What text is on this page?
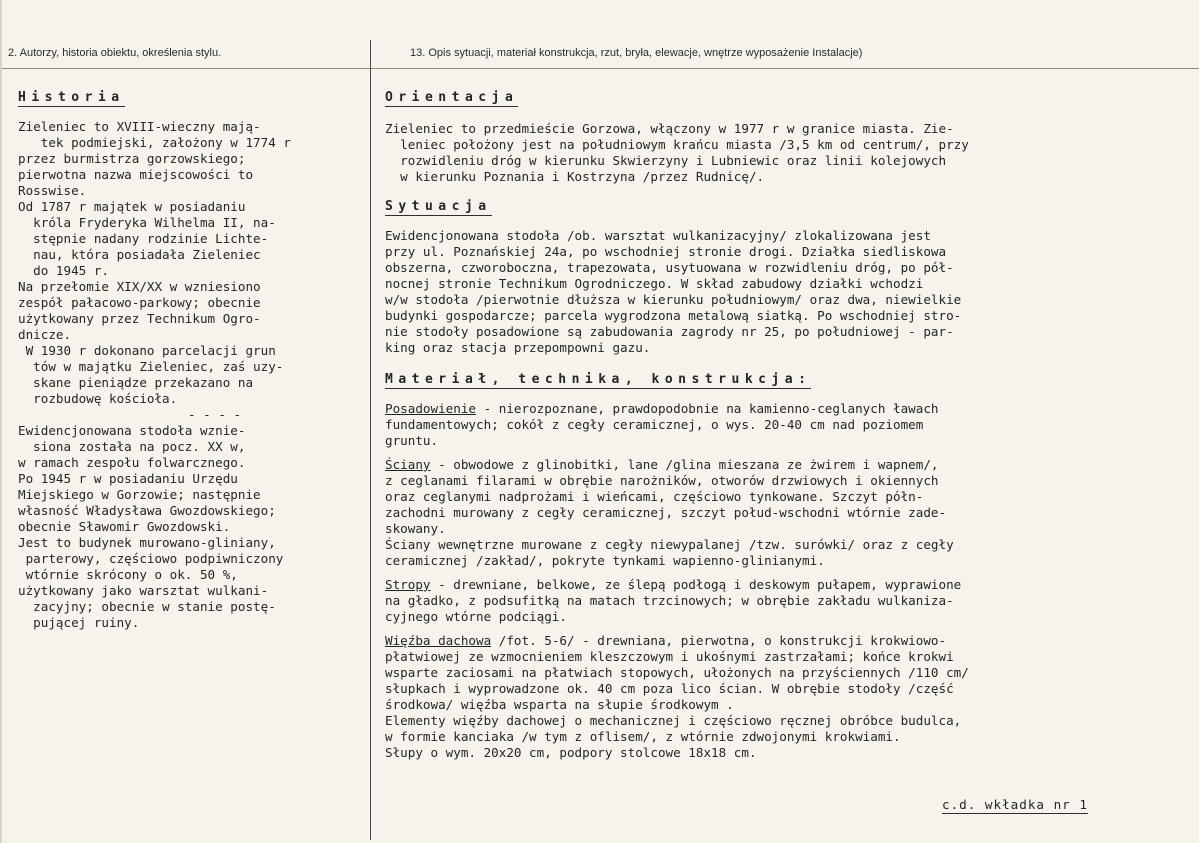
2. Autorzy, historia obiektu, określenia stylu.	13. Opis sytuacji, materiał konstrukcja, rzut, bryła, elewacje, wnętrze wyposażenie Instalacje)
Historia
Zieleniec to XVIII-wieczny mają-
tek podmiejski, założony w 1774 r
przez burmistrza gorzowskiego;
pierwotna nazwa miejscowości to
Rosswise.
Od 1787 r majątek w posiadaniu
króla Fryderyka Wilhelma II, na-
stępnie nadany rodzinie Lichte-
nau, która posiadała Zieleniec
do 1945 r.
Na przełomie XIX/XX w wzniesiono
zespół pałacowo-parkowy; obecnie
użytkowany przez Technikum Ogro-
dnicze.
W 1930 r dokonano parcelacji grun
tów w majątku Zieleniec, zaś uzy-
skane pieniądze przekazano na
rozbudowę kościoła.
- - - -
Ewidencjonowana stodoła wznie-
siona została na pocz. XX w,
w ramach zespołu folwarcznego.
Po 1945 r w posiadaniu Urzędu
Miejskiego w Gorzowie; następnie
własność Władysława Gwozdowskiego;
obecnie Sławomir Gwozdowski.
Jest to budynek murowano-gliniany,
parterowy, częściowo podpiwniczony
wtórnie skrócony o ok. 50 %,
użytkowany jako warsztat wulkani-
zacyjny; obecnie w stanie postę-
pującej ruiny.
Orientacja
Zieleniec to przedmieście Gorzowa, włączony w 1977 r w granice miasta. Zie-
leniec położony jest na południowym krańcu miasta /3,5 km od centrum/, przy
rozwidleniu dróg w kierunku Skwierzyny i Lubniewic oraz linii kolejowych
w kierunku Poznania i Kostrzyna /przez Rudnicę/.
Sytuacja
Ewidencjonowana stodoła /ob. warsztat wulkanizacyjny/ zlokalizowana jest
przy ul. Poznańskiej 24a, po wschodniej stronie drogi. Działka siedliskowa
obszerna, czworoboczna, trapezowata, usytuowana w rozwidleniu dróg, po pół-
nocnej stronie Technikum Ogrodniczego. W skład zabudowy działki wchodzi
w/w stodoła /pierwotnie dłuższa w kierunku południowym/ oraz dwa, niewielkie
budynki gospodarcze; parcela wygrodzona metalową siatką. Po wschodniej stro-
nie stodoły posadowione są zabudowania zagrody nr 25, po południowej - par-
king oraz stacja przepompowni gazu.
Materiał, technika, konstrukcja:
Posadowienie - nierozpoznane, prawdopodobnie na kamienno-ceglanych ławach
fundamentowych; cokół z cegły ceramicznej, o wys. 20-40 cm nad poziomem
gruntu.
Ściany - obwodowe z glinobitki, lane /glina mieszana ze żwirem i wapnem/,
z ceglanami filarami w obrębie narożników, otworów drzwiowych i okiennych
oraz ceglanymi nadprożami i wieńcami, częściowo tynkowane. Szczyt półn-
zachodni murowany z cegły ceramicznej, szczyt połud-wschodni wtórnie zade-
skowany.
Ściany wewnętrzne murowane z cegły niewypalanej /tzw. surówki/ oraz z cegły
ceramicznej /zakład/, pokryte tynkami wapienno-glinianymi.
Stropy - drewniane, belkowe, ze ślepą podłogą i deskowym pułapem, wyprawione
na gładko, z podsufitką na matach trzcinowych; w obrębie zakładu wulkaniza-
cyjnego wtórne podciągi.
Więźba dachowa /fot. 5-6/ - drewniana, pierwotna, o konstrukcji krokwiowo-
płatwiowej ze wzmocnieniem kleszczowym i ukośnymi zastrzałami; końce krokwi
wsparte zaciosami na płatwiach stopowych, ułożonych na przyściennych /110 cm/
słupkach i wyprowadzone ok. 40 cm poza lico ścian. W obrębie stodoły /część
środkowa/ więźba wsparta na słupie środkowym .
Elementy więźby dachowej o mechanicznej i częściowo ręcznej obróbce budulca,
w formie kanciaka /w tym z oflisem/, z wtórnie zdwojonymi krokwiami.
Słupy o wym. 20x20 cm, podpory stolcowe 18x18 cm.
c.d. wkładka nr 1
